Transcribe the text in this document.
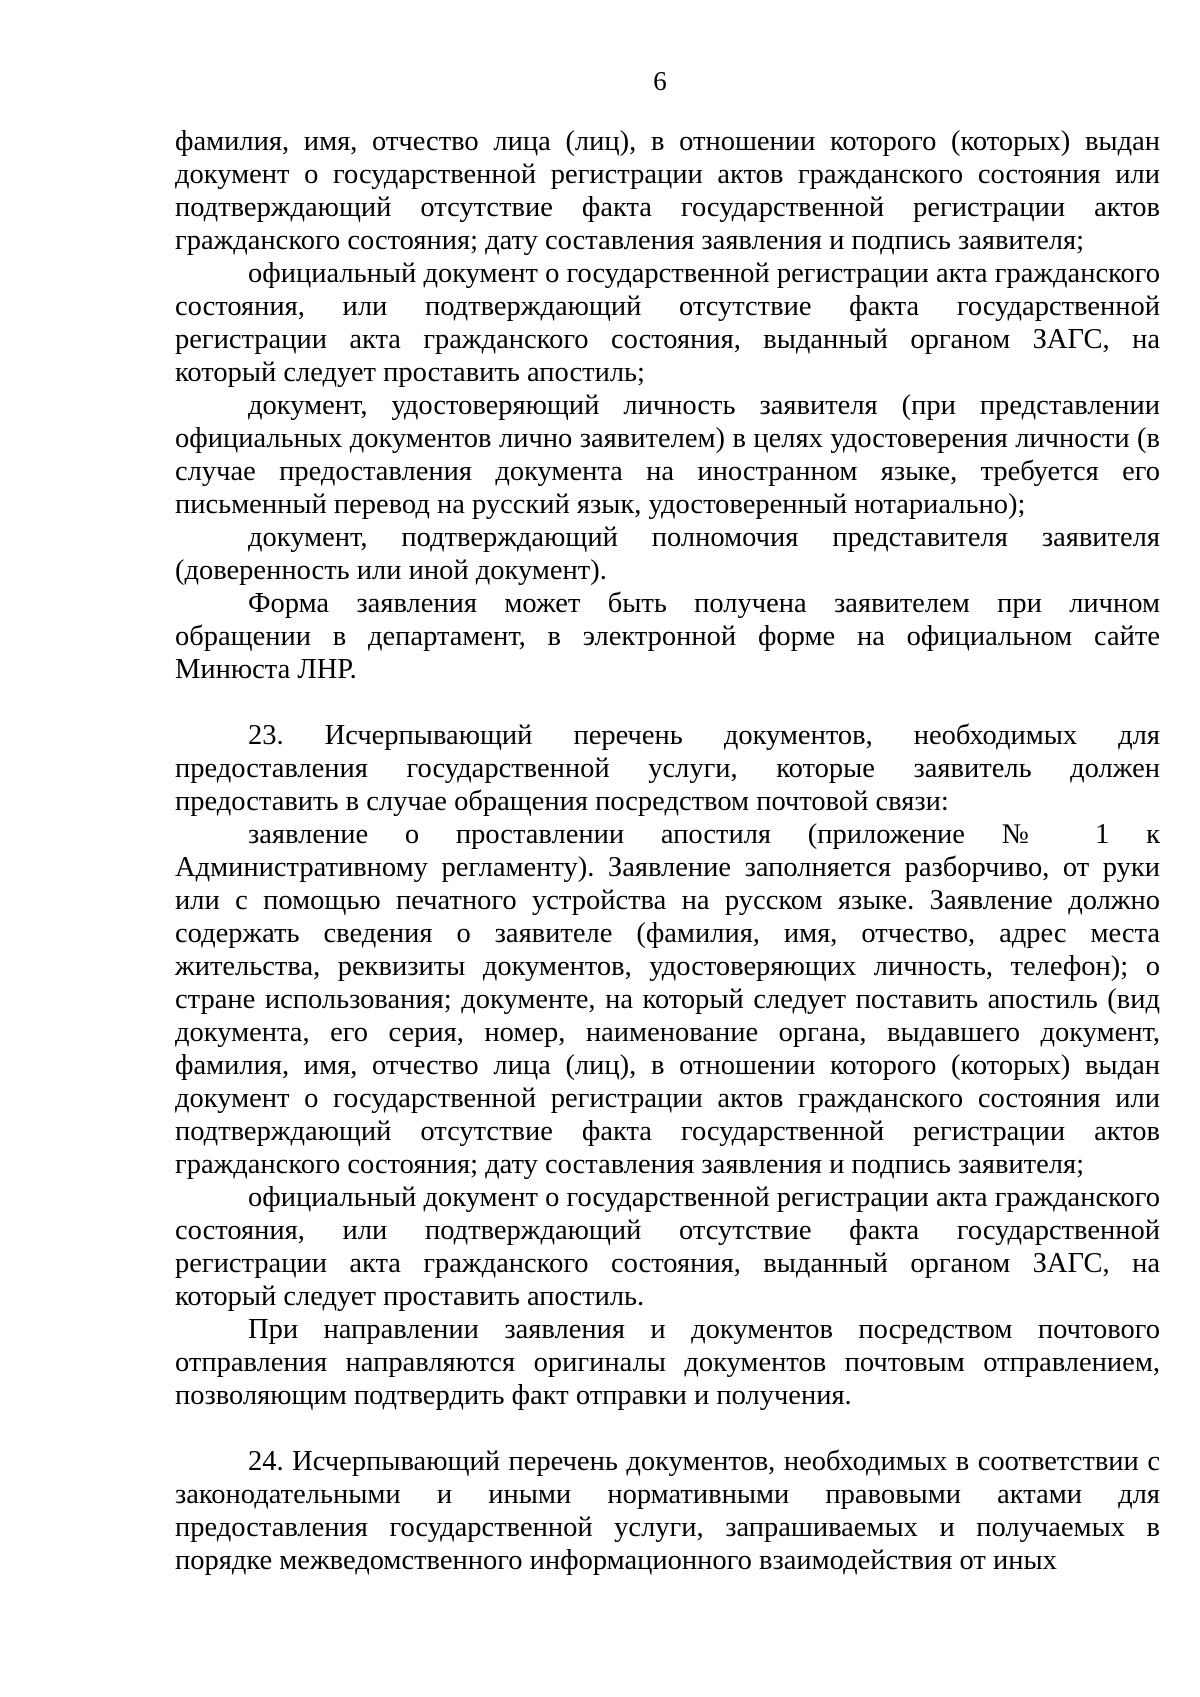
6

фамилия, имя, отчество лица (лиц), в отношении которого (которых) выдан документ о государственной регистрации актов гражданского состояния или подтверждающий отсутствие факта государственной регистрации актов гражданского состояния; дату составления заявления и подпись заявителя;

официальный документ о государственной регистрации акта гражданского состояния, или подтверждающий отсутствие факта государственной регистрации акта гражданского состояния, выданный органом ЗАГС, на который следует проставить апостиль;

документ, удостоверяющий личность заявителя (при представлении официальных документов лично заявителем) в целях удостоверения личности (в случае предоставления документа на иностранном языке, требуется его письменный перевод на русский язык, удостоверенный нотариально);

документ, подтверждающий полномочия представителя заявителя (доверенность или иной документ).

Форма заявления может быть получена заявителем при личном обращении в департамент, в электронной форме на официальном сайте Минюста ЛНР.

23. Исчерпывающий перечень документов, необходимых для предоставления государственной услуги, которые заявитель должен предоставить в случае обращения посредством почтовой связи:

заявление о проставлении апостиля (приложение № 1 к Административному регламенту). Заявление заполняется разборчиво, от руки или с помощью печатного устройства на русском языке. Заявление должно содержать сведения о заявителе (фамилия, имя, отчество, адрес места жительства, реквизиты документов, удостоверяющих личность, телефон); о стране использования; документе, на который следует поставить апостиль (вид документа, его серия, номер, наименование органа, выдавшего документ, фамилия, имя, отчество лица (лиц), в отношении которого (которых) выдан документ о государственной регистрации актов гражданского состояния или подтверждающий отсутствие факта государственной регистрации актов гражданского состояния; дату составления заявления и подпись заявителя;

официальный документ о государственной регистрации акта гражданского состояния, или подтверждающий отсутствие факта государственной регистрации акта гражданского состояния, выданный органом ЗАГС, на который следует проставить апостиль.

При направлении заявления и документов посредством почтового отправления направляются оригиналы документов почтовым отправлением, позволяющим подтвердить факт отправки и получения.

24. Исчерпывающий перечень документов, необходимых в соответствии с законодательными и иными нормативными правовыми актами для предоставления государственной услуги, запрашиваемых и получаемых в порядке межведомственного информационного взаимодействия от иных
